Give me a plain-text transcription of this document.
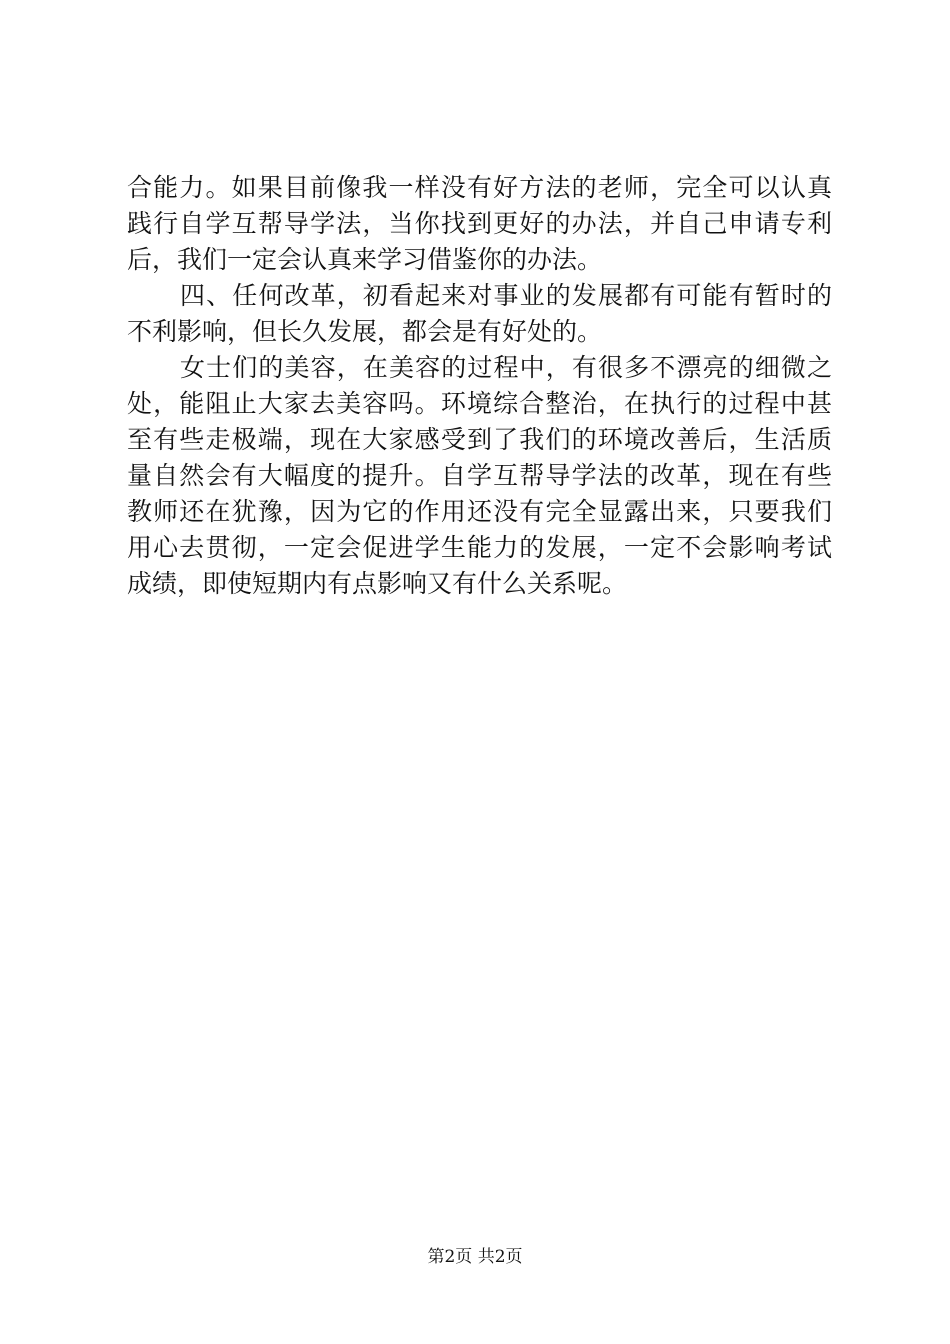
合能力。如果目前像我一样没有好方法的老师，完全可以认真
践行自学互帮导学法，当你找到更好的办法，并自己申请专利
后，我们一定会认真来学习借鉴你的办法。
四、任何改革，初看起来对事业的发展都有可能有暂时的
不利影响，但长久发展，都会是有好处的。
女士们的美容，在美容的过程中，有很多不漂亮的细微之
处，能阻止大家去美容吗。环境综合整治，在执行的过程中甚
至有些走极端，现在大家感受到了我们的环境改善后，生活质
量自然会有大幅度的提升。自学互帮导学法的改革，现在有些
教师还在犹豫，因为它的作用还没有完全显露出来，只要我们
用心去贯彻，一定会促进学生能力的发展，一定不会影响考试
成绩，即使短期内有点影响又有什么关系呢。
第2页 共2页
